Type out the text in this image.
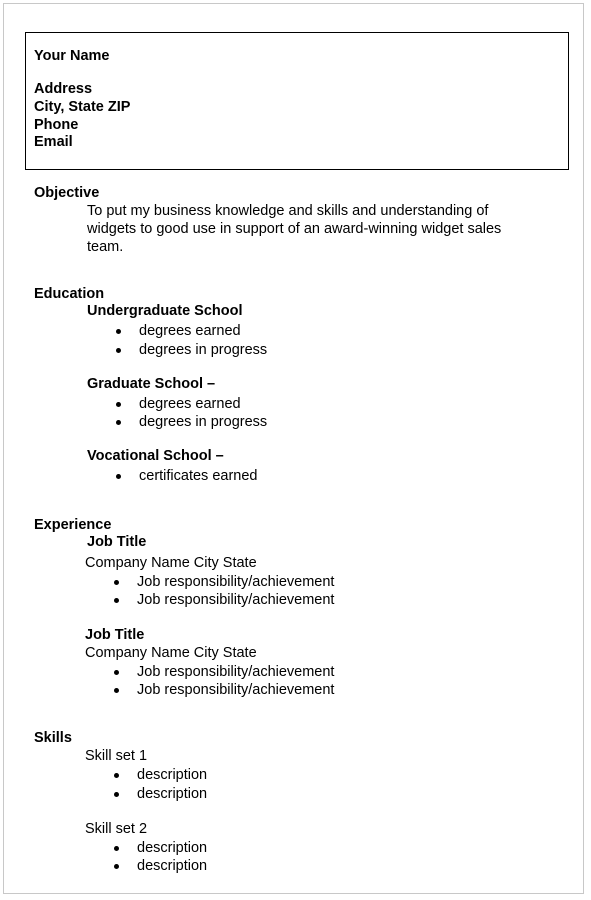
Your Name
Address
City, State ZIP
Phone
Email
Objective
To put my business knowledge and skills and understanding of
widgets to good use in support of an award-winning widget sales
team.
Education
Undergraduate School
degrees earned
degrees in progress
Graduate School –
degrees earned
degrees in progress
Vocational School –
certificates earned
Experience
Job Title
Company Name City State
Job responsibility/achievement
Job responsibility/achievement
Job Title
Company Name City State
Job responsibility/achievement
Job responsibility/achievement
Skills
Skill set 1
description
description
Skill set 2
description
description
